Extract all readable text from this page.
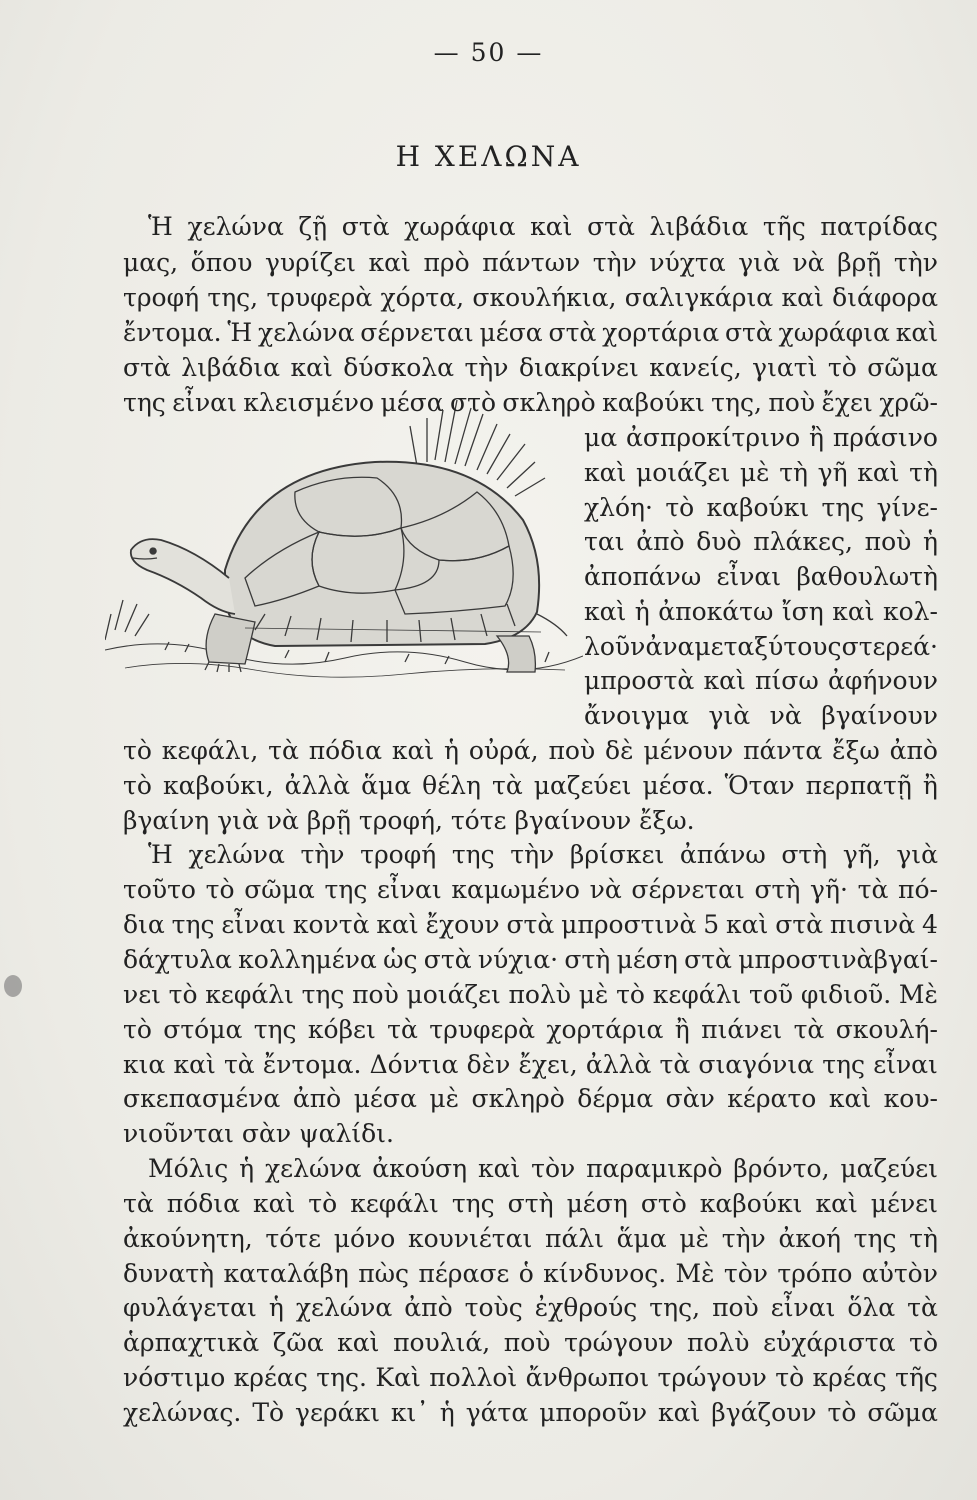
— 50 —
Η ΧΕΛΩΝΑ
Ἡ χελώνα ζῇ στὰ χωράφια καὶ στὰ λιβάδια τῆς πατρίδας
μας, ὅπου γυρίζει καὶ πρὸ πάντων τὴν νύχτα γιὰ νὰ βρῇ τὴν
τροφή της, τρυφερὰ χόρτα, σκουλήκια, σαλιγκάρια καὶ διάφορα
ἔντομα. Ἡ χελώνα σέρνεται μέσα στὰ χορτάρια στὰ χωράφια καὶ
στὰ λιβάδια καὶ δύσκολα τὴν διακρίνει κανείς, γιατὶ τὸ σῶμα
της εἶναι κλεισμένο μέσα στὸ σκληρὸ καβούκι της, ποὺ ἔχει χρῶ-
μα ἀσπροκίτρινο ἢ πράσινο
καὶ μοιάζει μὲ τὴ γῆ καὶ τὴ
χλόη· τὸ καβούκι της γίνε-
ται ἀπὸ δυὸ πλάκες, ποὺ ἡ
ἀποπάνω εἶναι βαθουλωτὴ
καὶ ἡ ἀποκάτω ἴση καὶ κολ-
λοῦν ἀναμεταξύ τους στερεά·
μπροστὰ καὶ πίσω ἀφήνουν
ἄνοιγμα γιὰ νὰ βγαίνουν
τὸ κεφάλι, τὰ πόδια καὶ ἡ οὐρά, ποὺ δὲ μένουν πάντα ἔξω ἀπὸ
τὸ καβούκι, ἀλλὰ ἅμα θέλη τὰ μαζεύει μέσα. Ὅταν περπατῇ ἢ
βγαίνη γιὰ νὰ βρῇ τροφή, τότε βγαίνουν ἔξω.
Ἡ χελώνα τὴν τροφή της τὴν βρίσκει ἀπάνω στὴ γῆ, γιὰ
τοῦτο τὸ σῶμα της εἶναι καμωμένο νὰ σέρνεται στὴ γῆ· τὰ πό-
δια της εἶναι κοντὰ καὶ ἔχουν στὰ μπροστινὰ 5 καὶ στὰ πισινὰ 4
δάχτυλα κολλημένα ὡς στὰ νύχια· στὴ μέση στὰ μπροστινὰβγαί-
νει τὸ κεφάλι της ποὺ μοιάζει πολὺ μὲ τὸ κεφάλι τοῦ φιδιοῦ. Μὲ
τὸ στόμα της κόβει τὰ τρυφερὰ χορτάρια ἢ πιάνει τὰ σκουλή-
κια καὶ τὰ ἔντομα. Δόντια δὲν ἔχει, ἀλλὰ τὰ σιαγόνια της εἶναι
σκεπασμένα ἀπὸ μέσα μὲ σκληρὸ δέρμα σὰν κέρατο καὶ κου-
νιοῦνται σὰν ψαλίδι.
Μόλις ἡ χελώνα ἀκούση καὶ τὸν παραμικρὸ βρόντο, μαζεύει
τὰ πόδια καὶ τὸ κεφάλι της στὴ μέση στὸ καβούκι καὶ μένει
ἀκούνητη, τότε μόνο κουνιέται πάλι ἅμα μὲ τὴν ἀκοή της τὴ
δυνατὴ καταλάβη πὼς πέρασε ὁ κίνδυνος. Μὲ τὸν τρόπο αὐτὸν
φυλάγεται ἡ χελώνα ἀπὸ τοὺς ἐχθρούς της, ποὺ εἶναι ὅλα τὰ
ἁρπαχτικὰ ζῶα καὶ πουλιά, ποὺ τρώγουν πολὺ εὐχάριστα τὸ
νόστιμο κρέας της. Καὶ πολλοὶ ἄνθρωποι τρώγουν τὸ κρέας τῆς
χελώνας. Τὸ γεράκι κι᾽ ἡ γάτα μποροῦν καὶ βγάζουν τὸ σῶμα
